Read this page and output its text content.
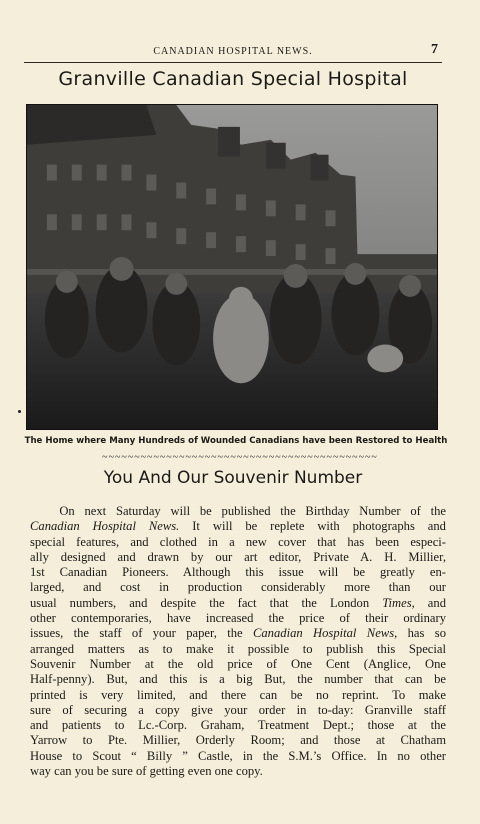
CANADIAN HOSPITAL NEWS.	7
Granville Canadian Special Hospital
The Home where Many Hundreds of Wounded Canadians have been Restored to Health
~~~~~~~~~~~~~~~~~~~~~~~~~~~~~~~~~~~~~~~~~~~
You And Our Souvenir Number
On next Saturday will be published the Birthday Number of the
Canadian Hospital News. It will be replete with photographs and
special features, and clothed in a new cover that has been especi-
ally designed and drawn by our art editor, Private A. H. Millier,
1st Canadian Pioneers. Although this issue will be greatly en-
larged, and cost in production considerably more than our
usual numbers, and despite the fact that the London Times, and
other contemporaries, have increased the price of their ordinary
issues, the staff of your paper, the Canadian Hospital News, has so
arranged matters as to make it possible to publish this Special
Souvenir Number at the old price of One Cent (Anglice, One
Half-penny). But, and this is a big But, the number that can be
printed is very limited, and there can be no reprint. To make
sure of securing a copy give your order in to-day: Granville staff
and patients to Lc.-Corp. Graham, Treatment Dept.; those at the
Yarrow to Pte. Millier, Orderly Room; and those at Chatham
House to Scout “ Billy ” Castle, in the S.M.’s Office. In no other
way can you be sure of getting even one copy.
